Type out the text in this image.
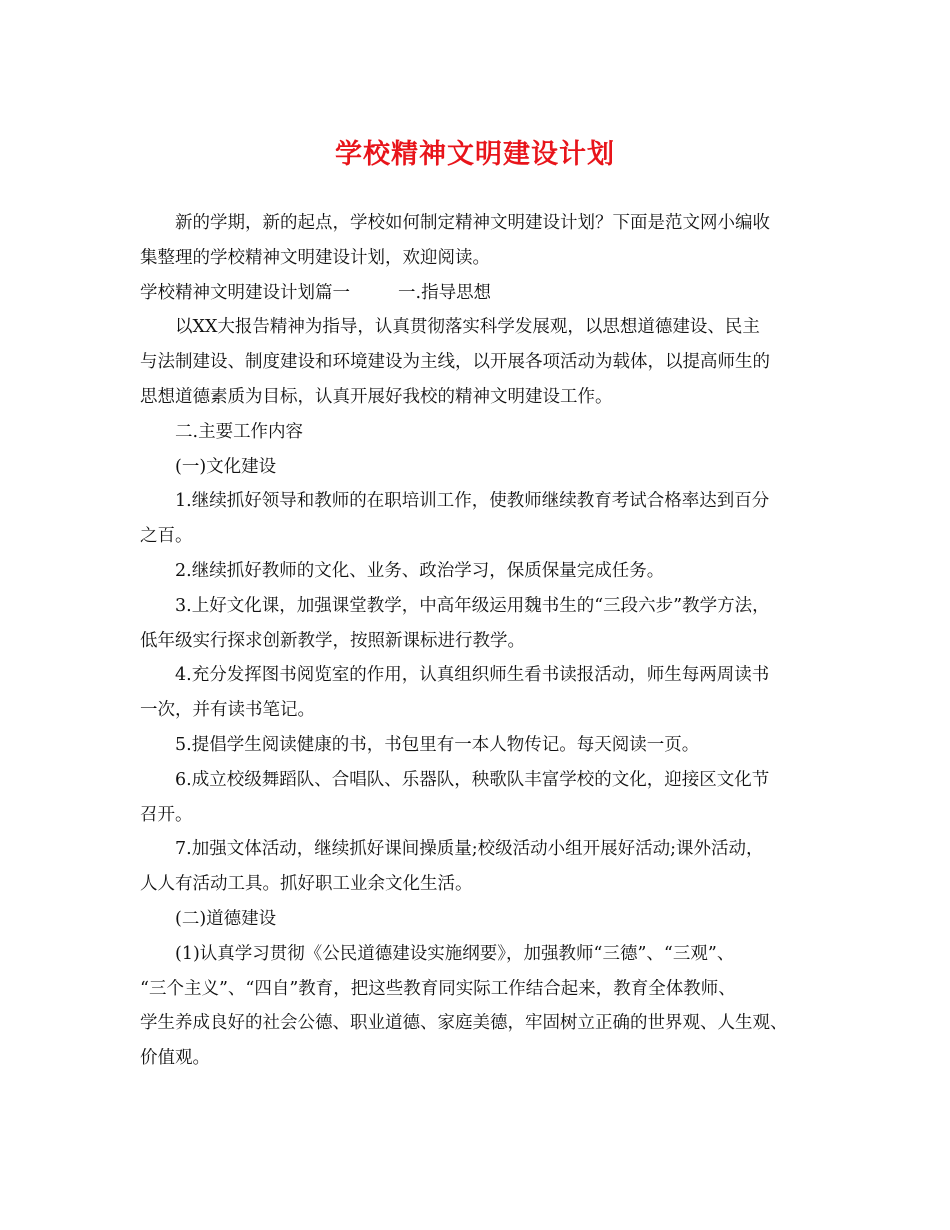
学校精神文明建设计划

新的学期，新的起点，学校如何制定精神文明建设计划？下面是范文网小编收

集整理的学校精神文明建设计划，欢迎阅读。

学校精神文明建设计划篇一	一.指导思想

以XX大报告精神为指导，认真贯彻落实科学发展观，以思想道德建设、民主

与法制建设、制度建设和环境建设为主线，以开展各项活动为载体，以提高师生的

思想道德素质为目标，认真开展好我校的精神文明建设工作。

二.主要工作内容

(一)文化建设

1.继续抓好领导和教师的在职培训工作，使教师继续教育考试合格率达到百分

之百。

2.继续抓好教师的文化、业务、政治学习，保质保量完成任务。

3.上好文化课，加强课堂教学，中高年级运用魏书生的“三段六步”教学方法，

低年级实行探求创新教学，按照新课标进行教学。

4.充分发挥图书阅览室的作用，认真组织师生看书读报活动，师生每两周读书

一次，并有读书笔记。

5.提倡学生阅读健康的书，书包里有一本人物传记。每天阅读一页。

6.成立校级舞蹈队、合唱队、乐器队，秧歌队丰富学校的文化，迎接区文化节

召开。

7.加强文体活动，继续抓好课间操质量;校级活动小组开展好活动;课外活动，

人人有活动工具。抓好职工业余文化生活。

(二)道德建设

(1)认真学习贯彻《公民道德建设实施纲要》，加强教师“三德”、“三观”、

“三个主义”、“四自”教育，把这些教育同实际工作结合起来，教育全体教师、

学生养成良好的社会公德、职业道德、家庭美德，牢固树立正确的世界观、人生观、

价值观。
